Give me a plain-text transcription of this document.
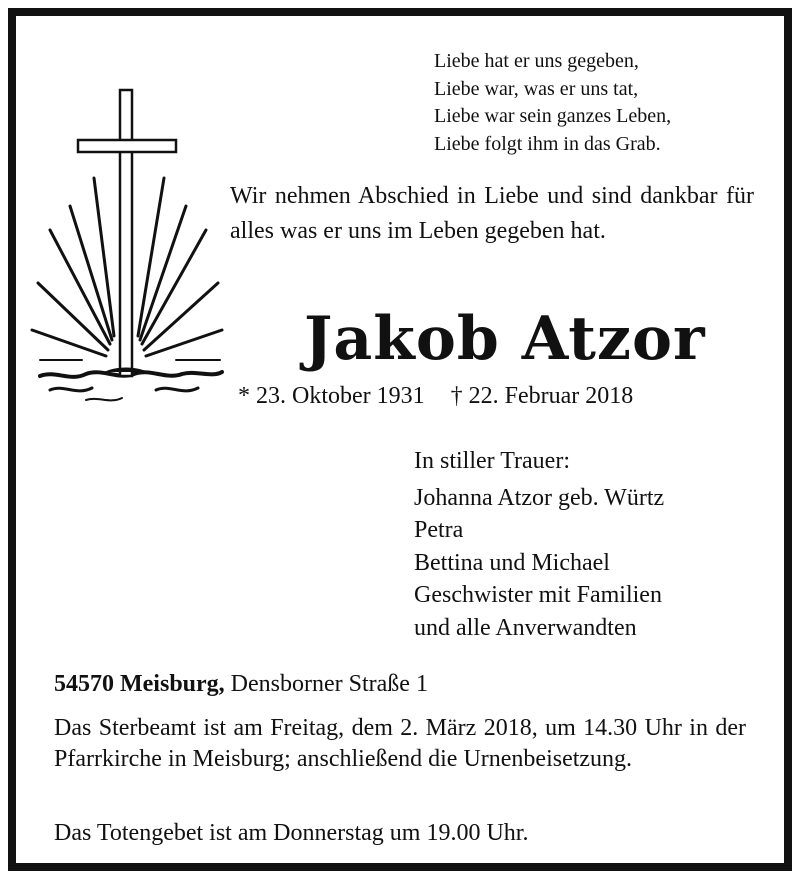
Liebe hat er uns gegeben,
Liebe war, was er uns tat,
Liebe war sein ganzes Leben,
Liebe folgt ihm in das Grab.
Wir nehmen Abschied in Liebe und sind dankbar für alles was er uns im Leben gegeben hat.
Jakob Atzor
* 23. Oktober 1931 † 22. Februar 2018
In stiller Trauer:
Johanna Atzor geb. Würtz
Petra
Bettina und Michael
Geschwister mit Familien
und alle Anverwandten
54570 Meisburg, Densborner Straße 1
Das Sterbeamt ist am Freitag, dem 2. März 2018, um 14.30 Uhr in der Pfarrkirche in Meisburg; anschließend die Urnenbeisetzung.
Das Totengebet ist am Donnerstag um 19.00 Uhr.
